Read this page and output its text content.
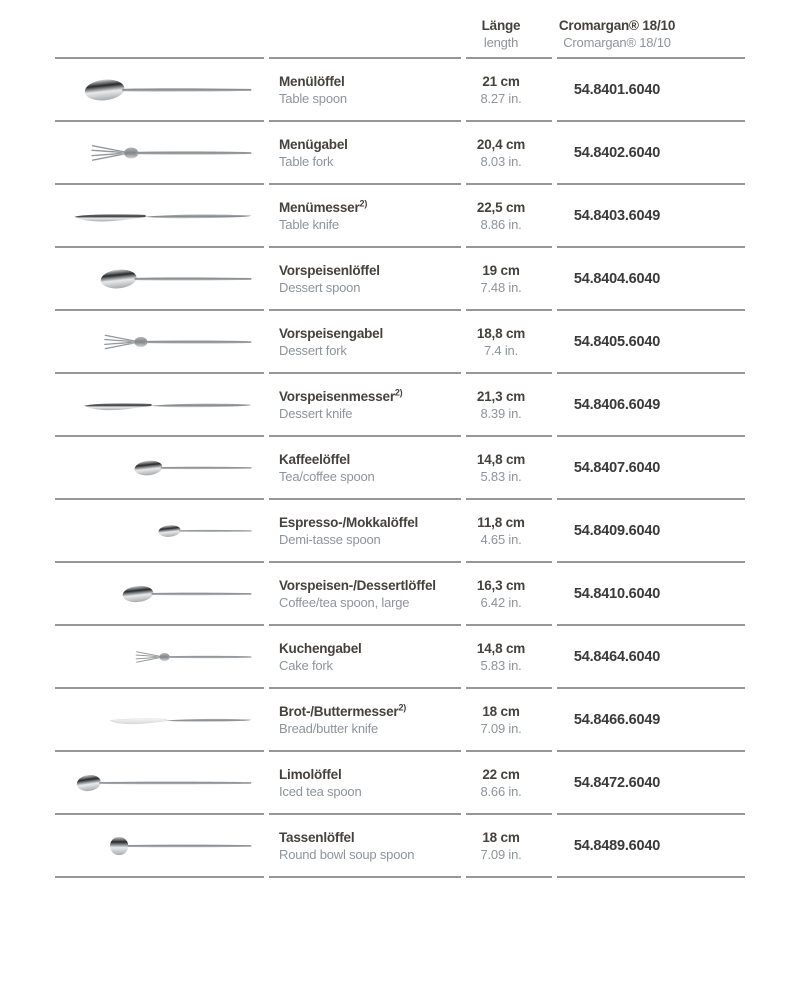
Länge
length
Cromargan® 18/10
Cromargan® 18/10
Menülöffel
Table spoon
21 cm
8.27 in.
54.8401.6040
Menügabel
Table fork
20,4 cm
8.03 in.
54.8402.6040
Menümesser$^{2)}$
Table knife
22,5 cm
8.86 in.
54.8403.6049
Vorspeisenlöffel
Dessert spoon
19 cm
7.48 in.
54.8404.6040
Vorspeisengabel
Dessert fork
18,8 cm
7.4 in.
54.8405.6040
Vorspeisenmesser$^{2)}$
Dessert knife
21,3 cm
8.39 in.
54.8406.6049
Kaffeelöffel
Tea/coffee spoon
14,8 cm
5.83 in.
54.8407.6040
Espresso-/Mokkalöffel
Demi-tasse spoon
11,8 cm
4.65 in.
54.8409.6040
Vorspeisen-/Dessertlöffel
Coffee/tea spoon, large
16,3 cm
6.42 in.
54.8410.6040
Kuchengabel
Cake fork
14,8 cm
5.83 in.
54.8464.6040
Brot-/Buttermesser$^{2)}$
Bread/butter knife
18 cm
7.09 in.
54.8466.6049
Limolöffel
Iced tea spoon
22 cm
8.66 in.
54.8472.6040
Tassenlöffel
Round bowl soup spoon
18 cm
7.09 in.
54.8489.6040
